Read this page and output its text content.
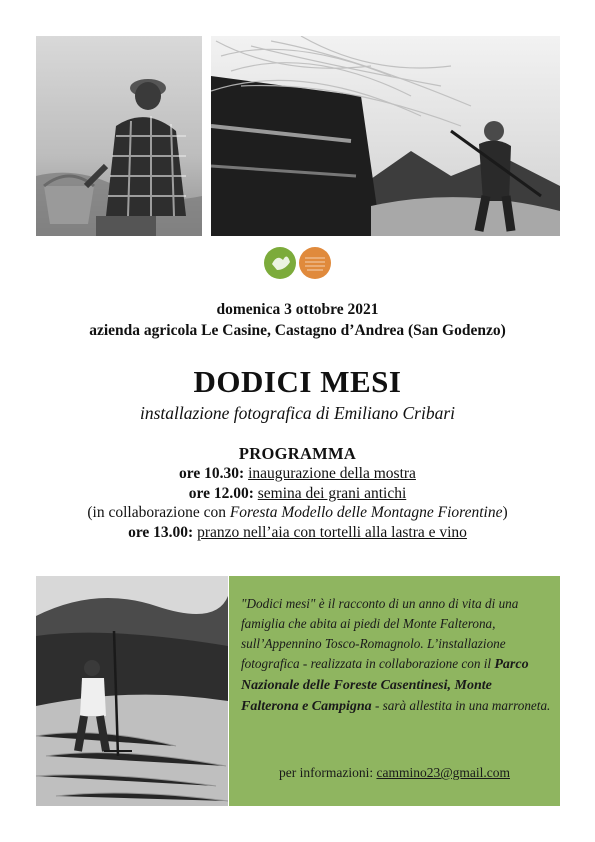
domenica 3 ottobre 2021
azienda agricola Le Casine, Castagno d’Andrea (San Godenzo)
DODICI MESI
installazione fotografica di Emiliano Cribari
PROGRAMMA
ore 10.30: inaugurazione della mostra
ore 12.00: semina dei grani antichi
(in collaborazione con Foresta Modello delle Montagne Fiorentine)
ore 13.00: pranzo nell’aia con tortelli alla lastra e vino
"Dodici mesi" è il racconto di un anno di vita di una famiglia che abita ai piedi del Monte Falterona, sull’Appennino Tosco-Romagnolo. L’installazione fotografica - realizzata in collaborazione con il Parco Nazionale delle Foreste Casentinesi, Monte Falterona e Campigna - sarà allestita in una marroneta.
per informazioni: cammino23@gmail.com
